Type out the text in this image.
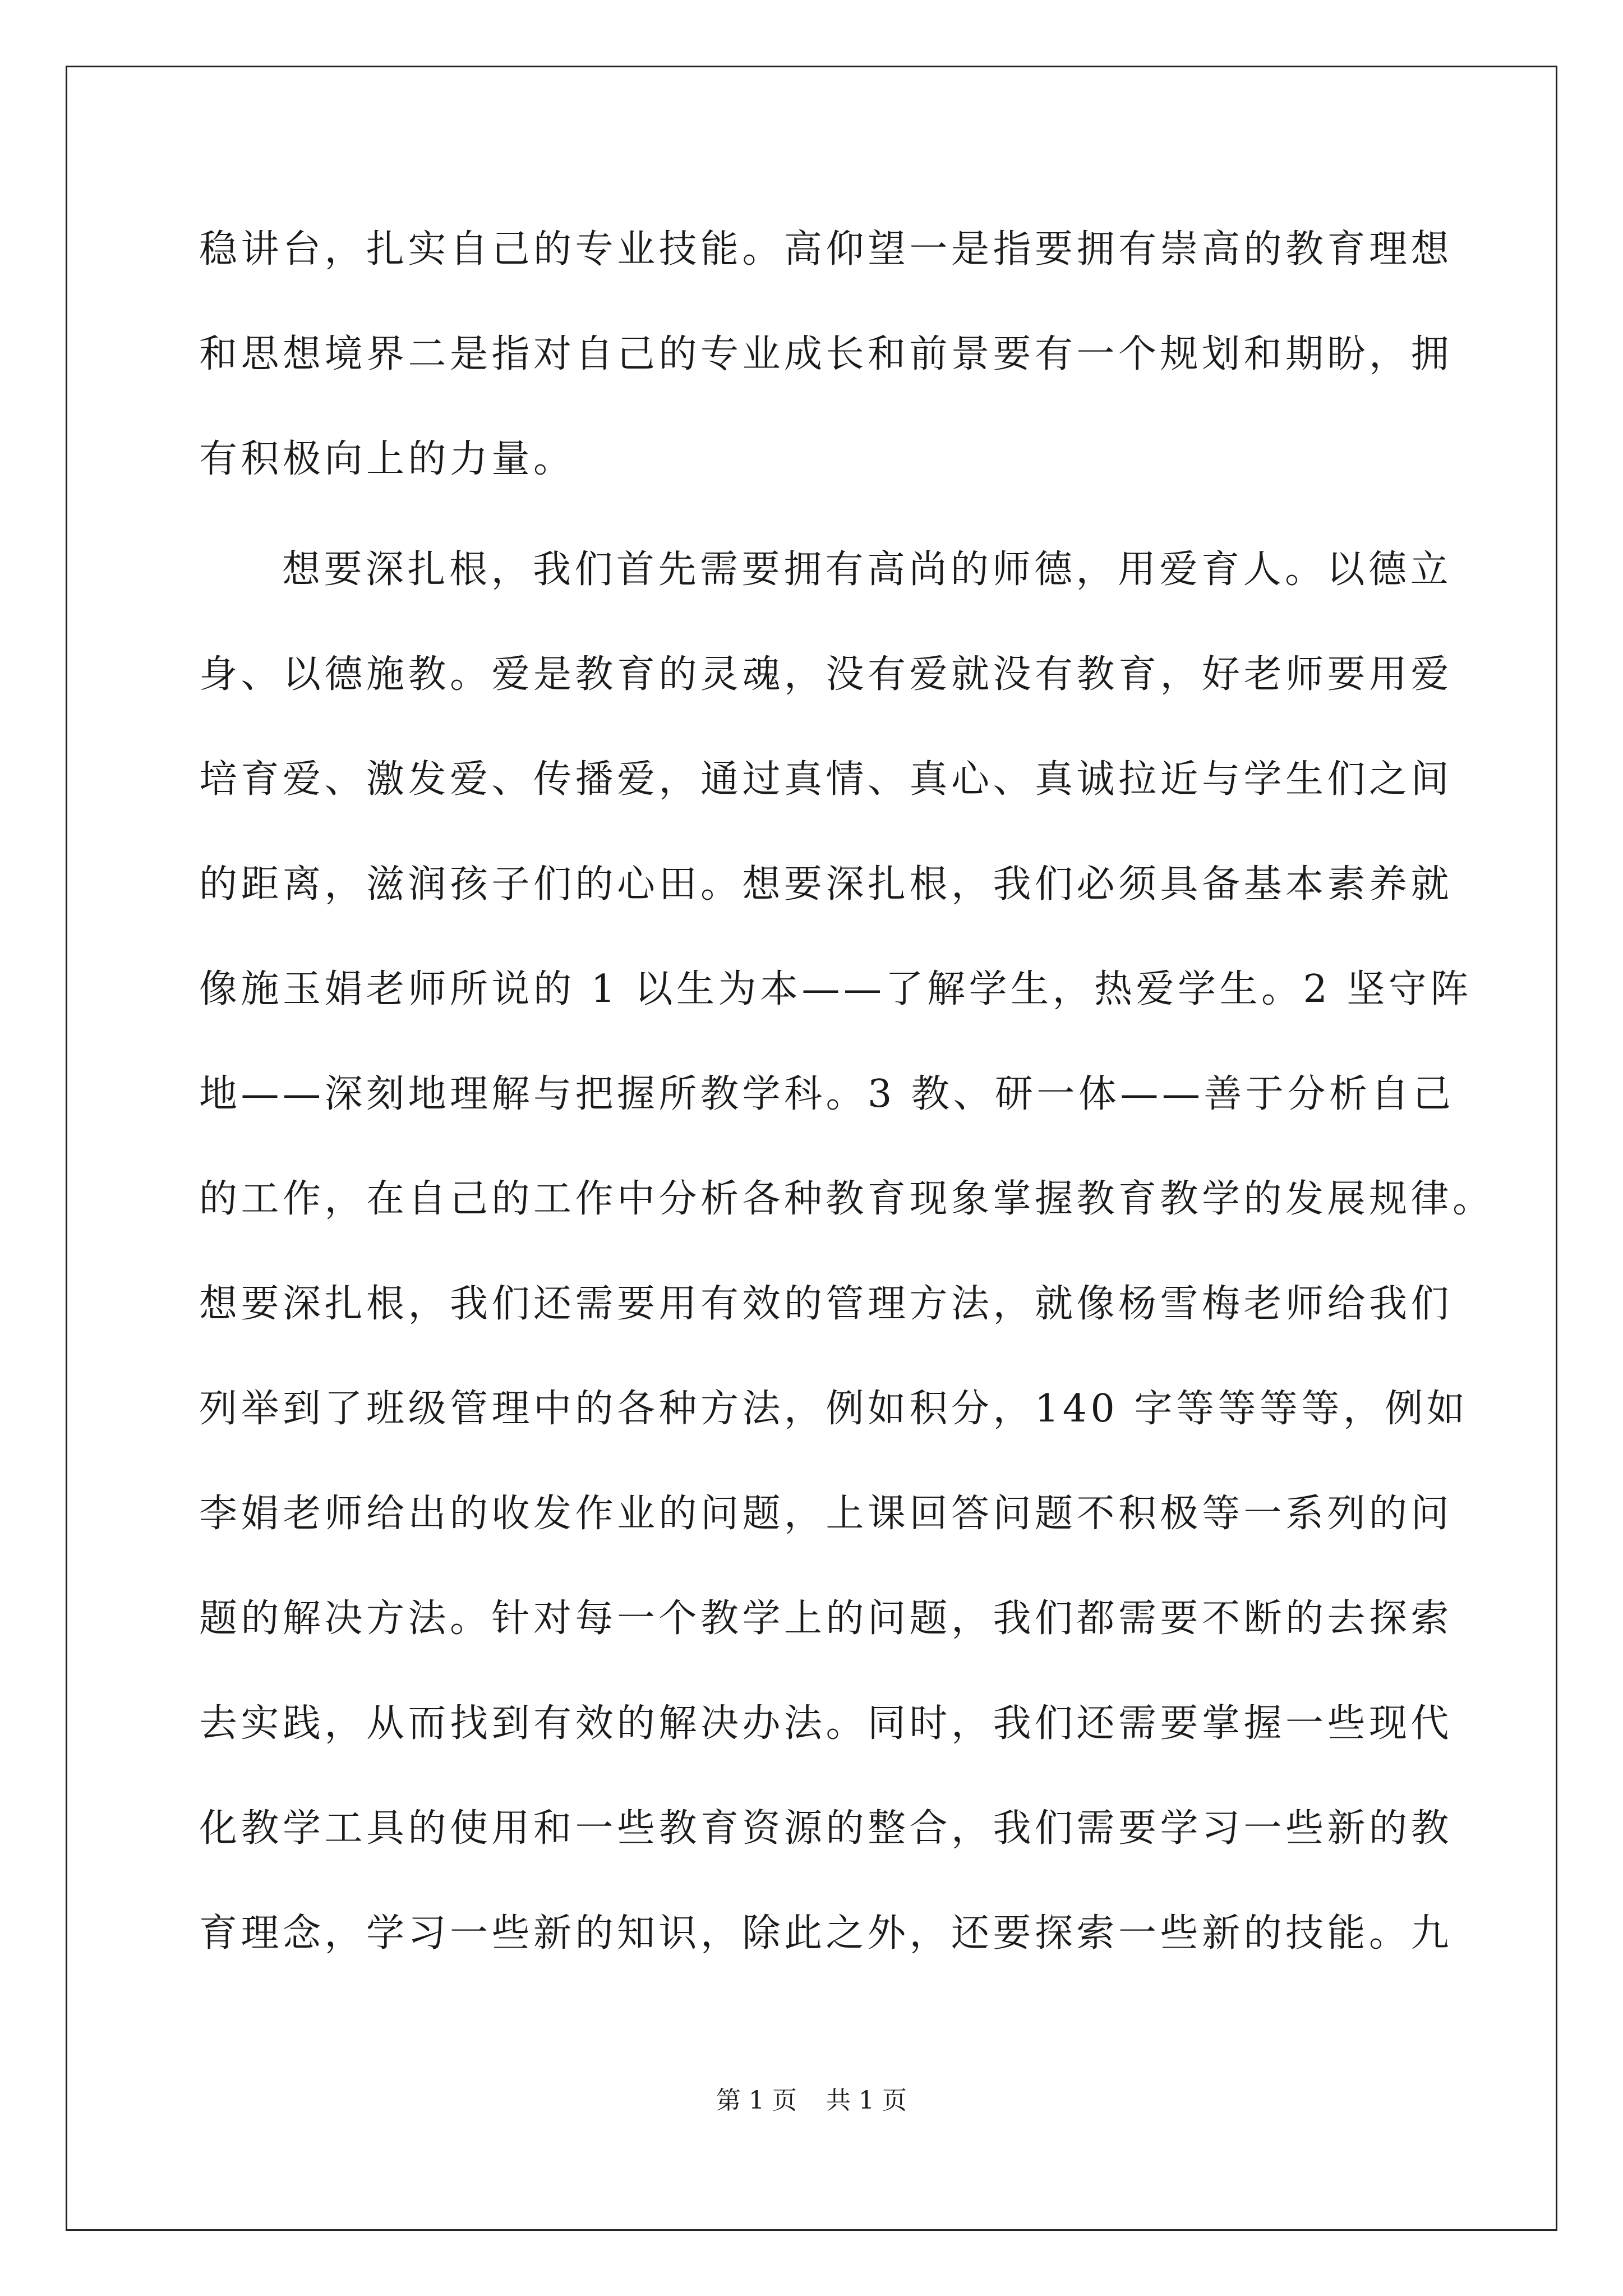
稳讲台，扎实自己的专业技能。高仰望一是指要拥有崇高的教育理想
和思想境界二是指对自己的专业成长和前景要有一个规划和期盼，拥
有积极向上的力量。
想要深扎根，我们首先需要拥有高尚的师德，用爱育人。以德立
身、以德施教。爱是教育的灵魂，没有爱就没有教育，好老师要用爱
培育爱、激发爱、传播爱，通过真情、真心、真诚拉近与学生们之间
的距离，滋润孩子们的心田。想要深扎根，我们必须具备基本素养就
像施玉娟老师所说的 1 以生为本——了解学生，热爱学生。2 坚守阵
地——深刻地理解与把握所教学科。3 教、研一体——善于分析自己
的工作，在自己的工作中分析各种教育现象掌握教育教学的发展规律。
想要深扎根，我们还需要用有效的管理方法，就像杨雪梅老师给我们
列举到了班级管理中的各种方法，例如积分，140 字等等等等，例如
李娟老师给出的收发作业的问题，上课回答问题不积极等一系列的问
题的解决方法。针对每一个教学上的问题，我们都需要不断的去探索
去实践，从而找到有效的解决办法。同时，我们还需要掌握一些现代
化教学工具的使用和一些教育资源的整合，我们需要学习一些新的教
育理念，学习一些新的知识，除此之外，还要探索一些新的技能。九
第 1 页 共 1 页
